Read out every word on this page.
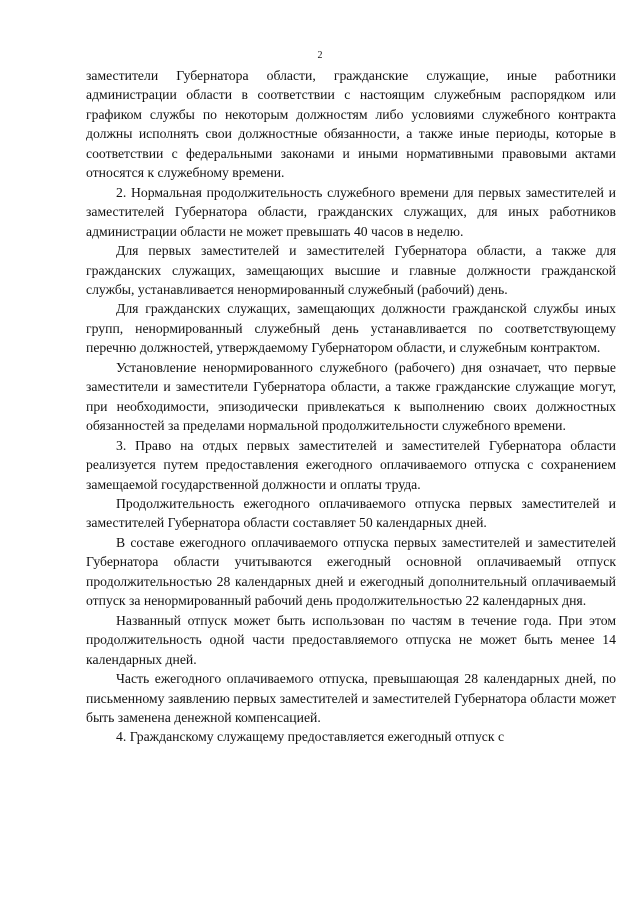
2

заместители Губернатора области, гражданские служащие, иные работники администрации области в соответствии с настоящим служебным распорядком или графиком службы по некоторым должностям либо условиями служебного контракта должны исполнять свои должностные обязанности, а также иные периоды, которые в соответствии с федеральными законами и иными нормативными правовыми актами относятся к служебному времени.

2. Нормальная продолжительность служебного времени для первых заместителей и заместителей Губернатора области, гражданских служащих, для иных работников администрации области не может превышать 40 часов в неделю.

Для первых заместителей и заместителей Губернатора области, а также для гражданских служащих, замещающих высшие и главные должности гражданской службы, устанавливается ненормированный служебный (рабочий) день.

Для гражданских служащих, замещающих должности гражданской службы иных групп, ненормированный служебный день устанавливается по соответствующему перечню должностей, утверждаемому Губернатором области, и служебным контрактом.

Установление ненормированного служебного (рабочего) дня означает, что первые заместители и заместители Губернатора области, а также гражданские служащие могут, при необходимости, эпизодически привлекаться к выполнению своих должностных обязанностей за пределами нормальной продолжительности служебного времени.

3. Право на отдых первых заместителей и заместителей Губернатора области реализуется путем предоставления ежегодного оплачиваемого отпуска с сохранением замещаемой государственной должности и оплаты труда.

Продолжительность ежегодного оплачиваемого отпуска первых заместителей и заместителей Губернатора области составляет 50 календарных дней.

В составе ежегодного оплачиваемого отпуска первых заместителей и заместителей Губернатора области учитываются ежегодный основной оплачиваемый отпуск продолжительностью 28 календарных дней и ежегодный дополнительный оплачиваемый отпуск за ненормированный рабочий день продолжительностью 22 календарных дня.

Названный отпуск может быть использован по частям в течение года. При этом продолжительность одной части предоставляемого отпуска не может быть менее 14 календарных дней.

Часть ежегодного оплачиваемого отпуска, превышающая 28 календарных дней, по письменному заявлению первых заместителей и заместителей Губернатора области может быть заменена денежной компенсацией.

4. Гражданскому служащему предоставляется ежегодный отпуск с
